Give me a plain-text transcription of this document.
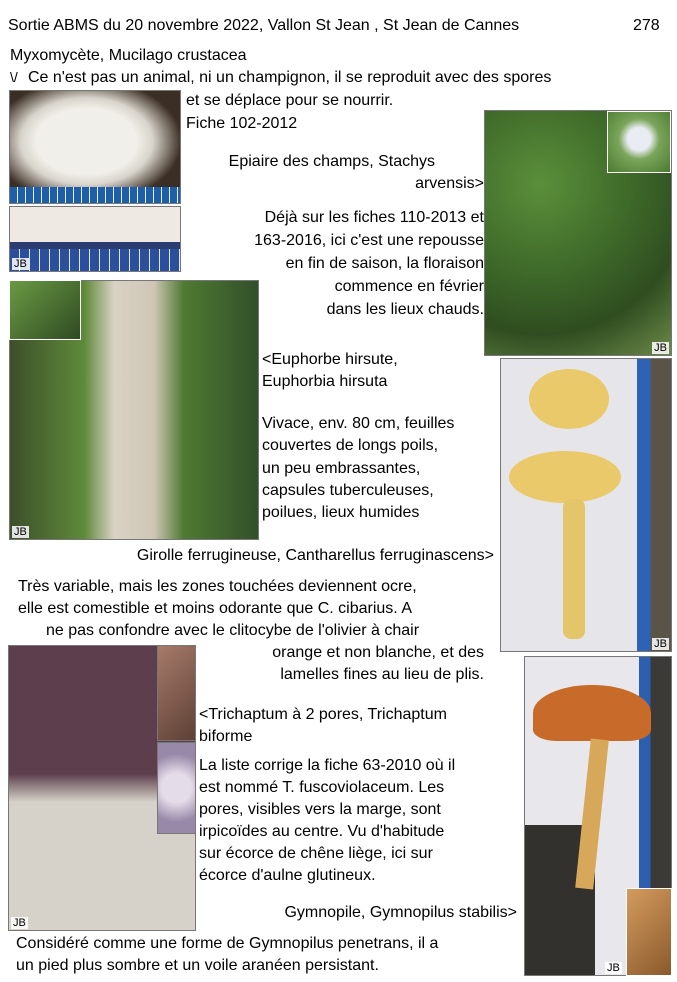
Sortie ABMS du 20 novembre 2022, Vallon St Jean , St Jean de Cannes	278
Myxomycète, Mucilago crustacea
\/ Ce n'est pas un animal, ni un champignon, il se reproduit avec des spores
et se déplace pour se nourrir.
Fiche 102-2012
JB
Epiaire des champs, Stachys
arvensis>
Déjà sur les fiches 110-2013 et
163-2016, ici c'est une repousse
en fin de saison, la floraison
commence en février
dans les lieux chauds.
JB
JB
<Euphorbe hirsute,
Euphorbia hirsuta
Vivace, env. 80 cm, feuilles
couvertes de longs poils,
un peu embrassantes,
capsules tuberculeuses,
poilues, lieux humides
JB
Girolle ferrugineuse, Cantharellus ferruginascens>
Très variable, mais les zones touchées deviennent ocre,
elle est comestible et moins odorante que C. cibarius. A
ne pas confondre avec le clitocybe de l'olivier à chair
orange et non blanche, et des
lamelles fines au lieu de plis.
JB
<Trichaptum à 2 pores, Trichaptum
biforme
La liste corrige la fiche 63-2010 où il
est nommé T. fuscoviolaceum. Les
pores, visibles vers la marge, sont
irpicoïdes au centre. Vu d'habitude
sur écorce de chêne liège, ici sur
écorce d'aulne glutineux.
JB
Gymnopile, Gymnopilus stabilis>
Considéré comme une forme de Gymnopilus penetrans, il a
un pied plus sombre et un voile aranéen persistant.
